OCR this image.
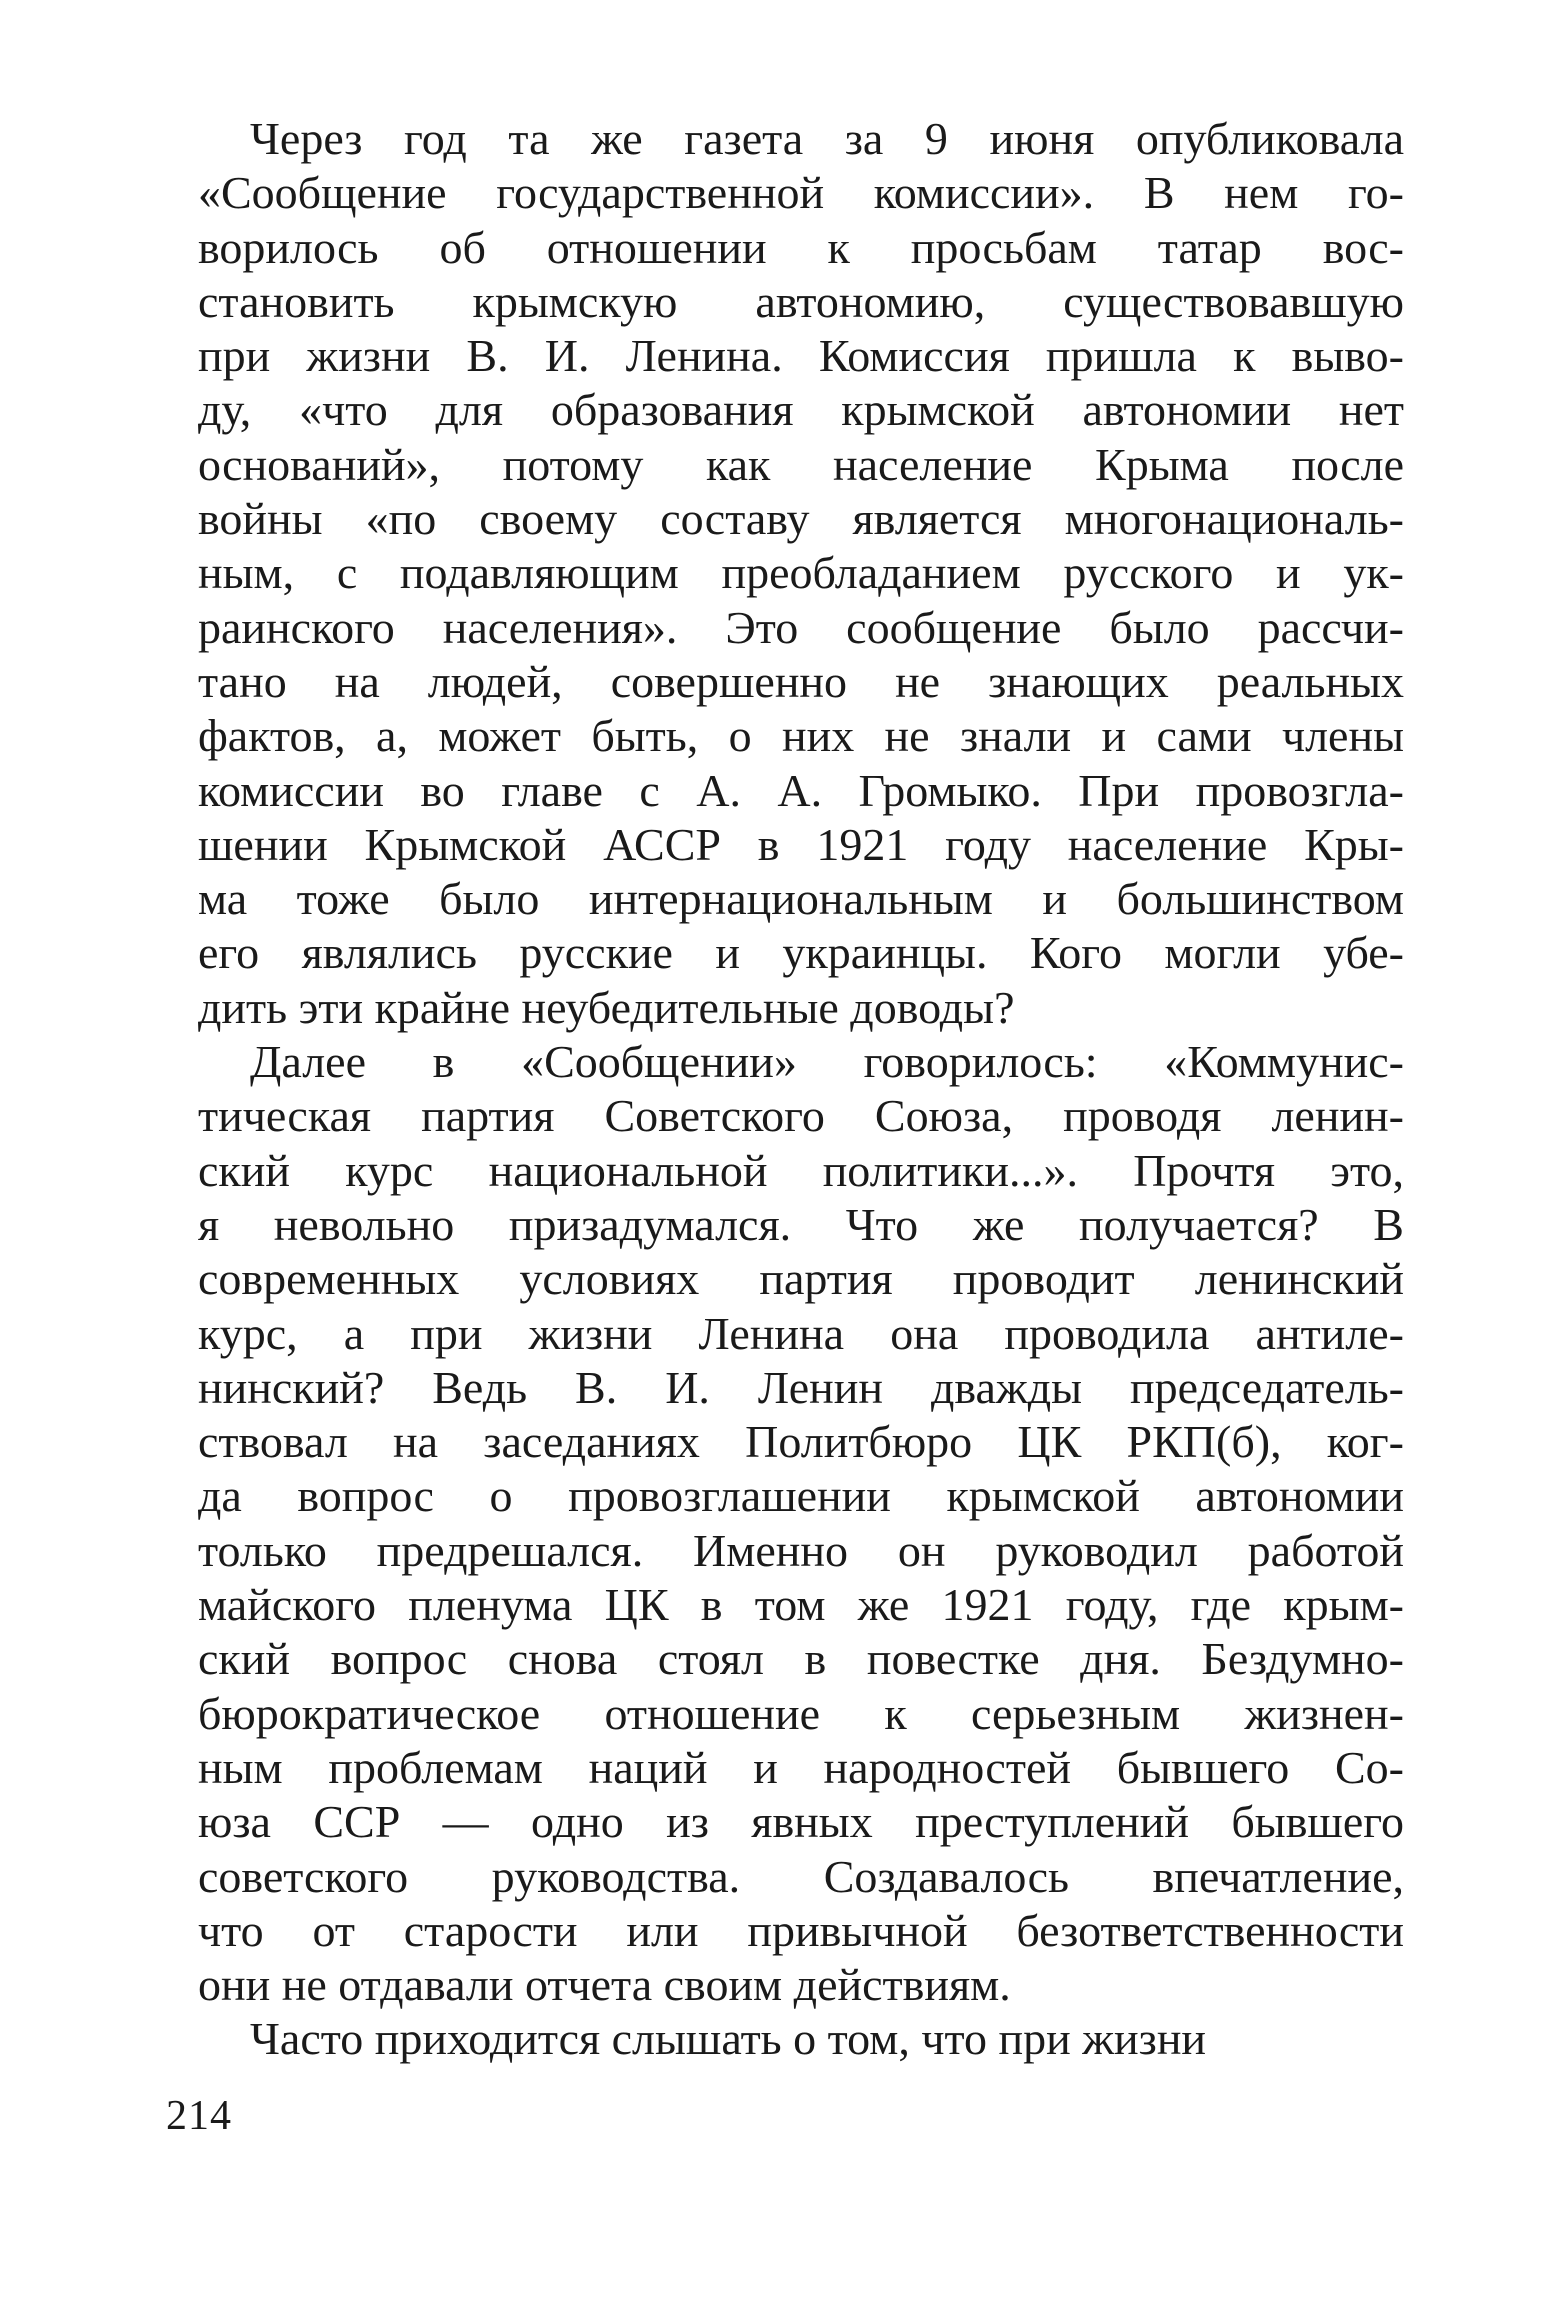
Через год та же газета за 9 июня опубликовала
«Сообщение государственной комиссии». В нем го-
ворилось об отношении к просьбам татар вос-
становить крымскую автономию, существовавшую
при жизни В. И. Ленина. Комиссия пришла к выво-
ду, «что для образования крымской автономии нет
оснований», потому как население Крыма после
войны «по своему составу является многонациональ-
ным, с подавляющим преобладанием русского и ук-
раинского населения». Это сообщение было рассчи-
тано на людей, совершенно не знающих реальных
фактов, а, может быть, о них не знали и сами члены
комиссии во главе с А. А. Громыко. При провозгла-
шении Крымской АССР в 1921 году население Кры-
ма тоже было интернациональным и большинством
его являлись русские и украинцы. Кого могли убе-
дить эти крайне неубедительные доводы?
Далее в «Сообщении» говорилось: «Коммунис-
тическая партия Советского Союза, проводя ленин-
ский курс национальной политики...». Прочтя это,
я невольно призадумался. Что же получается? В
современных условиях партия проводит ленинский
курс, а при жизни Ленина она проводила антиле-
нинский? Ведь В. И. Ленин дважды председатель-
ствовал на заседаниях Политбюро ЦК РКП(б), ког-
да вопрос о провозглашении крымской автономии
только предрешался. Именно он руководил работой
майского пленума ЦК в том же 1921 году, где крым-
ский вопрос снова стоял в повестке дня. Бездумно-
бюрократическое отношение к серьезным жизнен-
ным проблемам наций и народностей бывшего Со-
юза ССР — одно из явных преступлений бывшего
советского руководства. Создавалось впечатление,
что от старости или привычной безответственности
они не отдавали отчета своим действиям.
Часто приходится слышать о том, что при жизни
214
